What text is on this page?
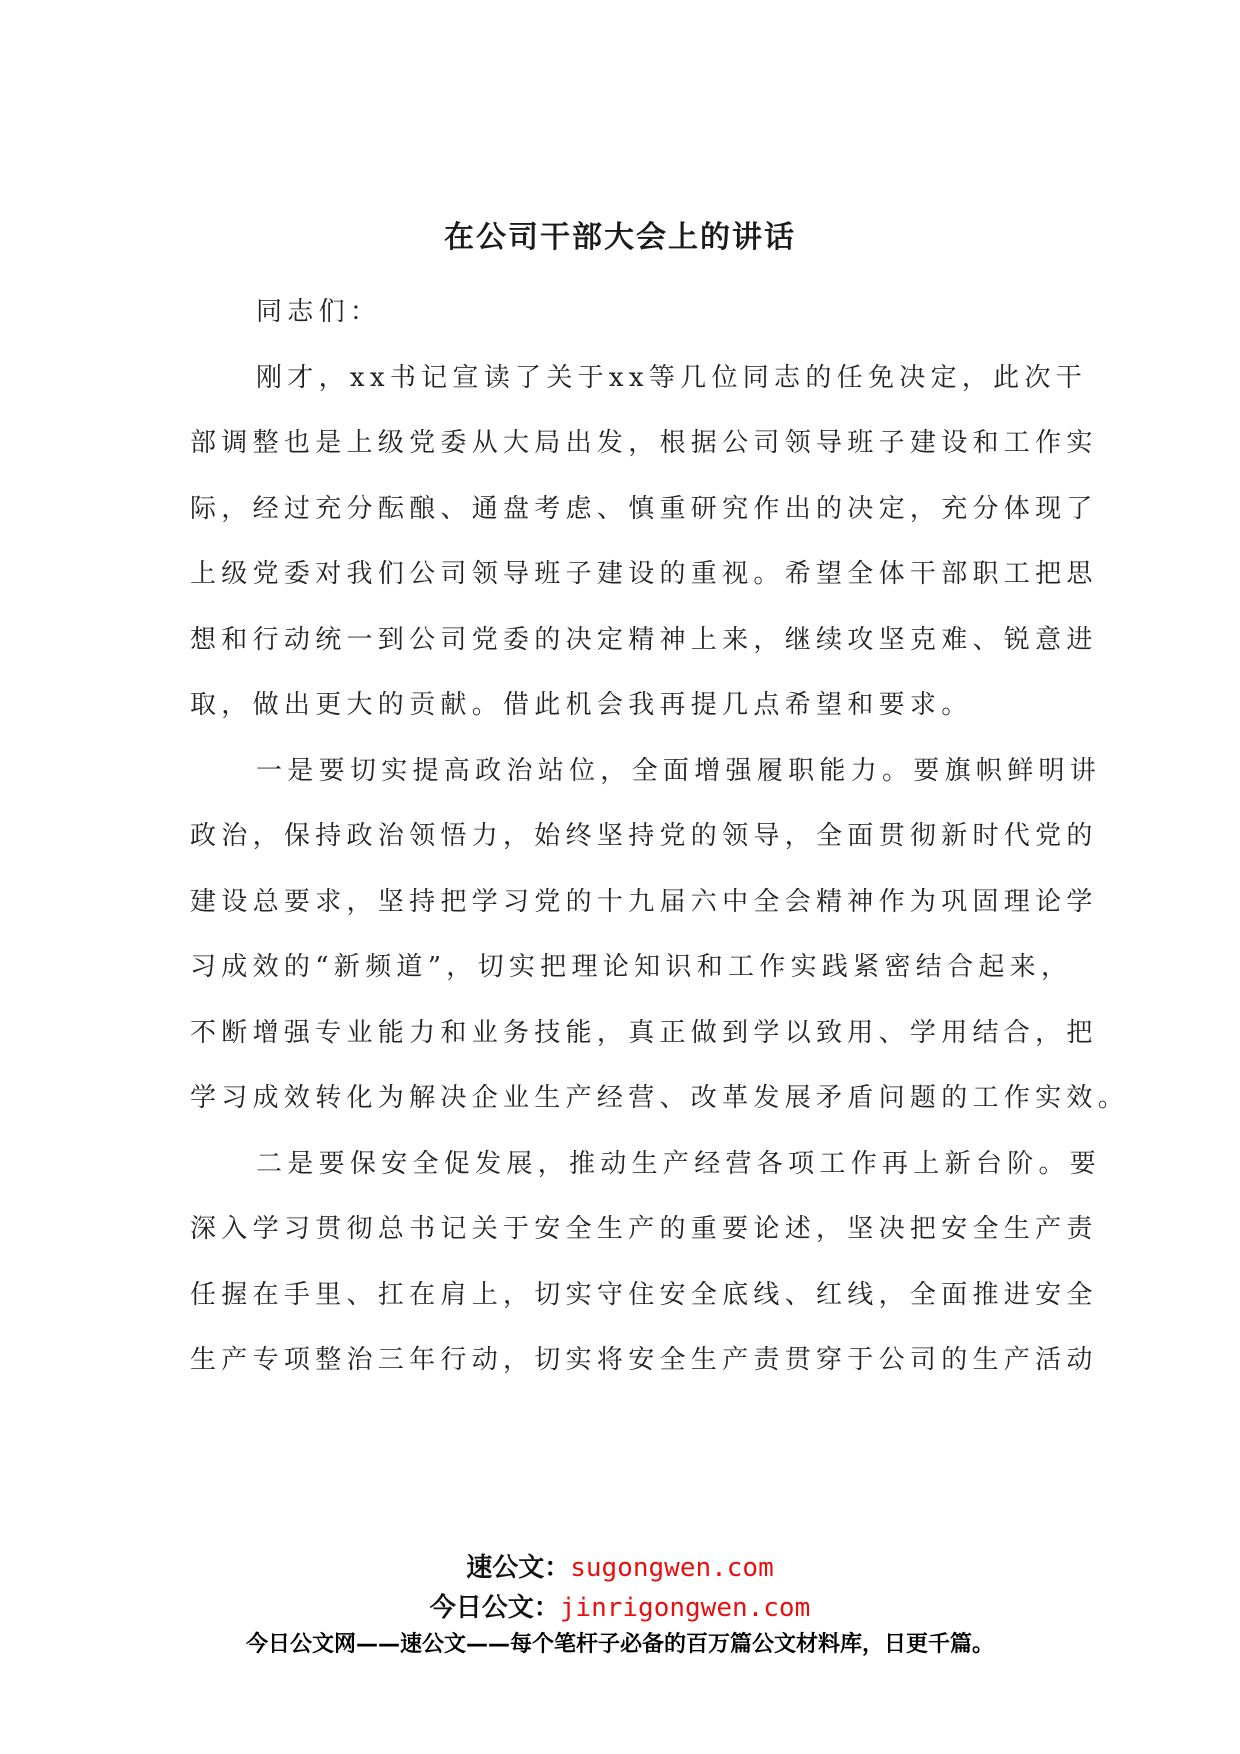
在公司干部大会上的讲话
同志们：
刚才，xx书记宣读了关于xx等几位同志的任免决定，此次干
部调整也是上级党委从大局出发，根据公司领导班子建设和工作实
际，经过充分酝酿、通盘考虑、慎重研究作出的决定，充分体现了
上级党委对我们公司领导班子建设的重视。希望全体干部职工把思
想和行动统一到公司党委的决定精神上来，继续攻坚克难、锐意进
取，做出更大的贡献。借此机会我再提几点希望和要求。
一是要切实提高政治站位，全面增强履职能力。要旗帜鲜明讲
政治，保持政治领悟力，始终坚持党的领导，全面贯彻新时代党的
建设总要求，坚持把学习党的十九届六中全会精神作为巩固理论学
习成效的“新频道”，切实把理论知识和工作实践紧密结合起来，
不断增强专业能力和业务技能，真正做到学以致用、学用结合，把
学习成效转化为解决企业生产经营、改革发展矛盾问题的工作实效。
二是要保安全促发展，推动生产经营各项工作再上新台阶。要
深入学习贯彻总书记关于安全生产的重要论述，坚决把安全生产责
任握在手里、扛在肩上，切实守住安全底线、红线，全面推进安全
生产专项整治三年行动，切实将安全生产责贯穿于公司的生产活动
速公文：sugongwen.com
今日公文：jinrigongwen.com
今日公文网——速公文——每个笔杆子必备的百万篇公文材料库，日更千篇。
